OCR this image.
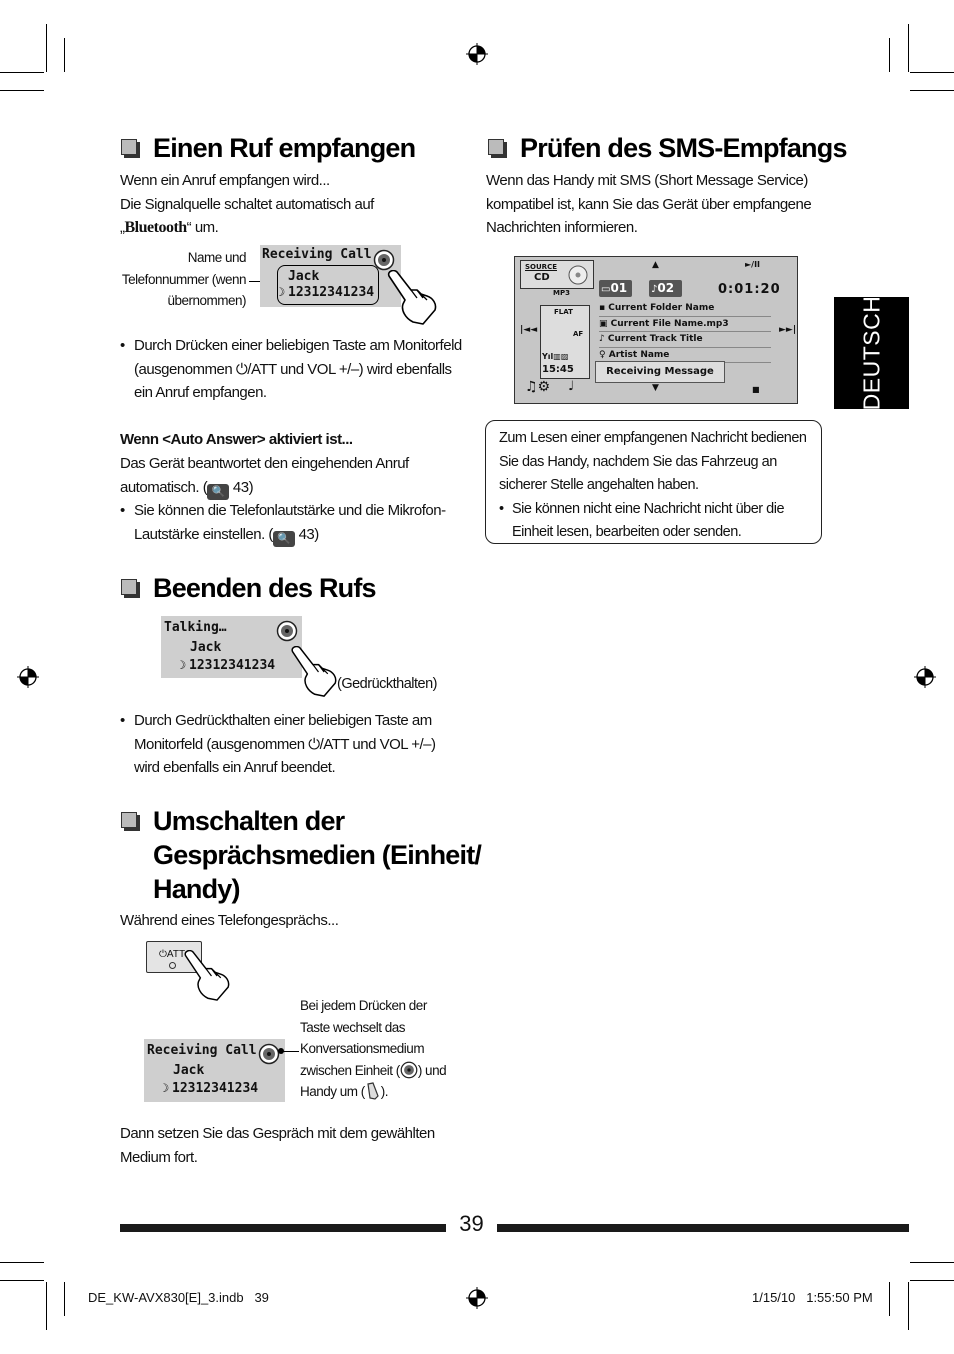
Einen Ruf empfangen
Wenn ein Anruf empfangen wird...
Die Signalquelle schaltet automatisch auf
„Bluetooth“ um.
Name und
Telefonnummer (wenn
übernommen)
Receiving Call
Jack
☽ 12312341234
• Durch Drücken einer beliebigen Taste am Monitorfeld
(ausgenommen ⏻/ATT und VOL +/–) wird ebenfalls
ein Anruf empfangen.
Wenn <Auto Answer> aktiviert ist...
Das Gerät beantwortet den eingehenden Anruf
automatisch. ( 🔍 43)
• Sie können die Telefonlautstärke und die Mikrofon-
Lautstärke einstellen. ( 🔍 43)
Beenden des Rufs
Talking…
Jack
☽ 12312341234
(Gedrückthalten)
• Durch Gedrückthalten einer beliebigen Taste am
Monitorfeld (ausgenommen ⏻/ATT und VOL +/–)
wird ebenfalls ein Anruf beendet.
Umschalten der
Gesprächsmedien (Einheit/
Handy)
Während eines Telefongesprächs...
⏻ATT
Receiving Call
Jack
☽ 12312341234
Bei jedem Drücken der
Taste wechselt das
Konversationsmedium
zwischen Einheit ( ) und
Handy um ( ).
Dann setzen Sie das Gespräch mit dem gewählten
Medium fort.
Prüfen des SMS-Empfangs
Wenn das Handy mit SMS (Short Message Service)
kompatibel ist, kann Sie das Gerät über empfangene
Nachrichten informieren.
SOURCE
CD
MP3
▲	►/II
▭01	♪02	0:01:20
|◄◄	►►|
FLAT
AF
Yıl▥▨
15:45
▪ Current Folder Name
▣ Current File Name.mp3
♪ Current Track Title
♀ Artist Name
Receiving Message
♫⚙ ♩	▼	■
Zum Lesen einer empfangenen Nachricht bedienen
Sie das Handy, nachdem Sie das Fahrzeug an
sicherer Stelle angehalten haben.
• Sie können nicht eine Nachricht nicht über die
Einheit lesen, bearbeiten oder senden.
DEUTSCH
39
DE_KW-AVX830[E]_3.indb   39	1/15/10   1:55:50 PM
